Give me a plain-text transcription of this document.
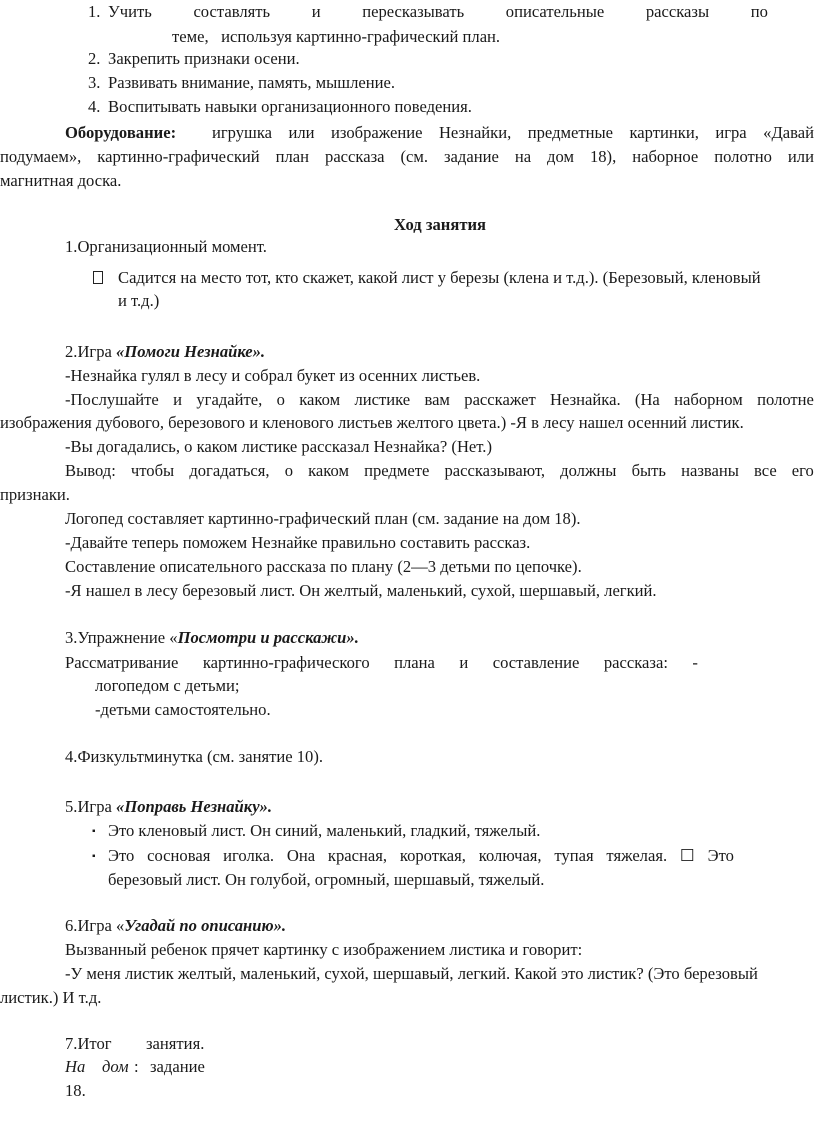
1. Учить	составлять	и	пересказывать	описательные	рассказы	по
теме,   используя картинно-графический план.
2. Закрепить признаки осени.
3. Развивать внимание, память, мышление.
4. Воспитывать навыки организационного поведения.
Оборудование: игрушка или изображение Незнайки, предметные картинки, игра «Давай
подумаем», картинно-графический план рассказа (см. задание на дом 18), наборное полотно или
магнитная доска.
Ход занятия
1.Организационный момент.
Садится на место тот, кто скажет, какой лист у березы (клена и т.д.). (Березовый, кленовый
и т.д.)
2.Игра «Помоги Незнайке».
-Незнайка гулял в лесу и собрал букет из осенних листьев.
-Послушайте и угадайте, о каком листике вам расскажет Незнайка. (На наборном полотне
изображения дубового, березового и кленового листьев желтого цвета.) -Я в лесу нашел осенний листик.
-Вы догадались, о каком листике рассказал Незнайка? (Нет.)
Вывод: чтобы догадаться, о каком предмете рассказывают, должны быть названы все его
признаки.
Логопед составляет картинно-графический план (см. задание на дом 18).
-Давайте теперь поможем Незнайке правильно составить рассказ.
Составление описательного рассказа по плану (2—3 детьми по цепочке).
-Я нашел в лесу березовый лист. Он желтый, маленький, сухой, шершавый, легкий.
3.Упражнение «Посмотри и расскажи».
Рассматривание картинно-графического плана и составление рассказа: -
логопедом с детьми;
-детьми самостоятельно.
4.Физкультминутка (см. занятие 10).
5.Игра «Поправь Незнайку».
▪ Это кленовый лист. Он синий, маленький, гладкий, тяжелый.
▪ Это сосновая иголка. Она красная, короткая, колючая, тупая тяжелая. ☐ Это
березовый лист. Он голубой, огромный, шершавый, тяжелый.
6.Игра «Угадай по описанию».
Вызванный ребенок прячет картинку с изображением листика и говорит:
-У меня листик желтый, маленький, сухой, шершавый, легкий. Какой это листик? (Это березовый
листик.) И т.д.
7.Итог занятия.
На дом : задание
18.
